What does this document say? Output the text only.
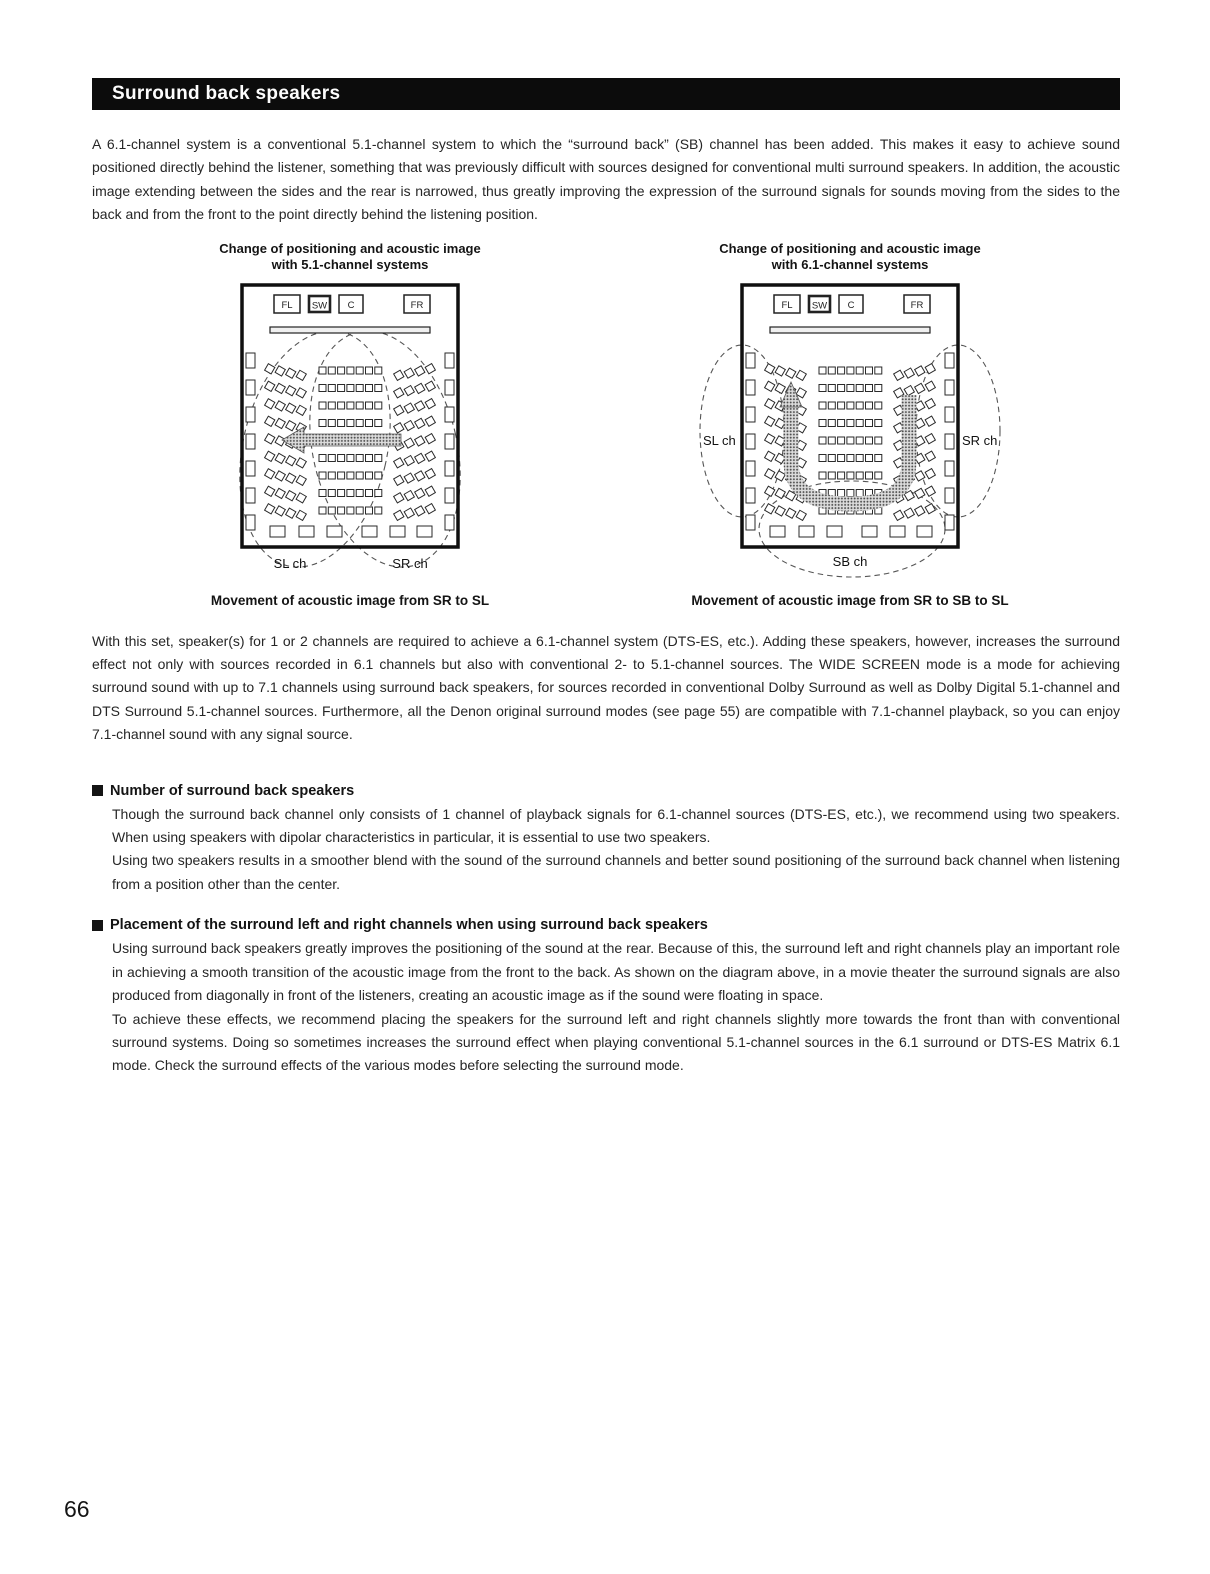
Surround back speakers

A 6.1-channel system is a conventional 5.1-channel system to which the “surround back” (SB) channel has been added. This makes it easy to achieve sound positioned directly behind the listener, something that was previously difficult with sources designed for conventional multi surround speakers. In addition, the acoustic image extending between the sides and the rear is narrowed, thus greatly improving the expression of the surround signals for sounds moving from the sides to the back and from the front to the point directly behind the listening position.

Change of positioning and acoustic image
with 5.1-channel systems
FL SW C	FR
SL ch	SR ch
Movement of acoustic image from SR to SL
Change of positioning and acoustic image
with 6.1-channel systems
FL SW C	FR
SL ch	SR ch
SB ch
Movement of acoustic image from SR to SB to SL

With this set, speaker(s) for 1 or 2 channels are required to achieve a 6.1-channel system (DTS-ES, etc.). Adding these speakers, however, increases the surround effect not only with sources recorded in 6.1 channels but also with conventional 2- to 5.1-channel sources. The WIDE SCREEN mode is a mode for achieving surround sound with up to 7.1 channels using surround back speakers, for sources recorded in conventional Dolby Surround as well as Dolby Digital 5.1-channel and DTS Surround 5.1-channel sources. Furthermore, all the Denon original surround modes (see page 55) are compatible with 7.1-channel playback, so you can enjoy 7.1-channel sound with any signal source.

Number of surround back speakers

Though the surround back channel only consists of 1 channel of playback signals for 6.1-channel sources (DTS-ES, etc.), we recommend using two speakers. When using speakers with dipolar characteristics in particular, it is essential to use two speakers.

Using two speakers results in a smoother blend with the sound of the surround channels and better sound positioning of the surround back channel when listening from a position other than the center.

Placement of the surround left and right channels when using surround back speakers

Using surround back speakers greatly improves the positioning of the sound at the rear. Because of this, the surround left and right channels play an important role in achieving a smooth transition of the acoustic image from the front to the back. As shown on the diagram above, in a movie theater the surround signals are also produced from diagonally in front of the listeners, creating an acoustic image as if the sound were floating in space.

To achieve these effects, we recommend placing the speakers for the surround left and right channels slightly more towards the front than with conventional surround systems. Doing so sometimes increases the surround effect when playing conventional 5.1-channel sources in the 6.1 surround or DTS-ES Matrix 6.1 mode. Check the surround effects of the various modes before selecting the surround mode.

66
